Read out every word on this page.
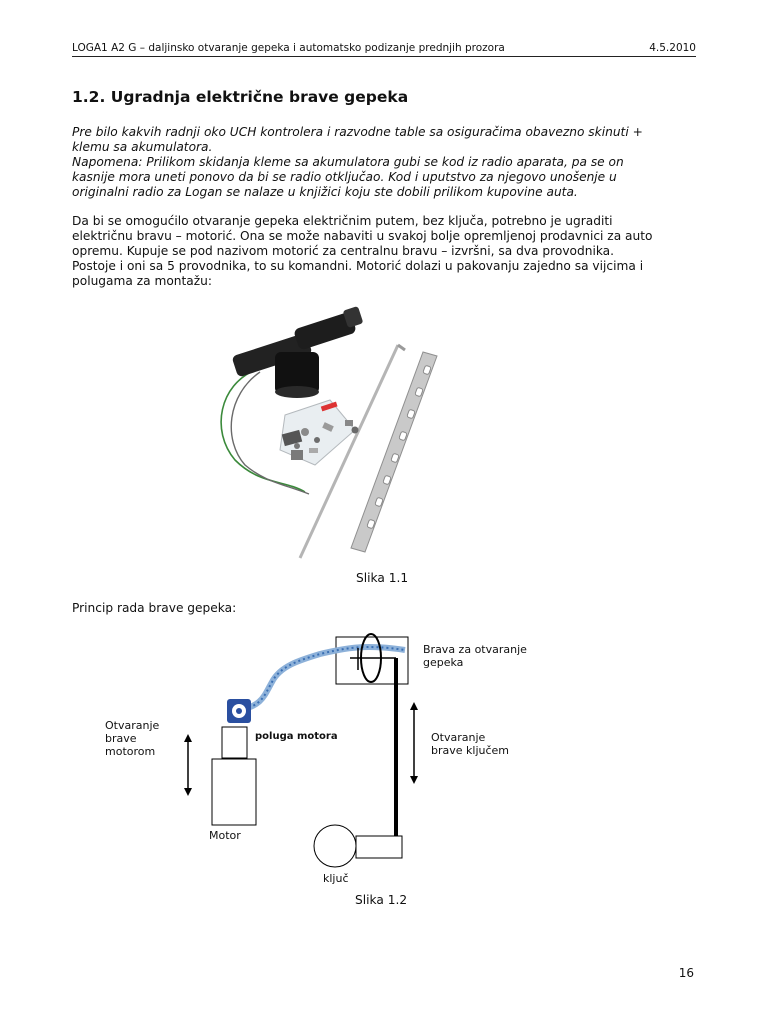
LOGA1 A2 G – daljinsko otvaranje gepeka i automatsko podizanje prednjih prozora	4.5.2010
1.2. Ugradnja električne brave gepeka

Pre bilo kakvih radnji oko UCH kontrolera i razvodne table sa osiguračima obavezno skinuti +

klemu sa akumulatora.

Napomena: Prilikom skidanja kleme sa akumulatora gubi se kod iz radio aparata, pa se on

kasnije mora uneti ponovo da bi se radio otključao. Kod i uputstvo za njegovo unošenje u

originalni radio za Logan se nalaze u knjižici koju ste dobili prilikom kupovine auta.

Da bi se omogućilo otvaranje gepeka električnim putem, bez ključa, potrebno je ugraditi

električnu bravu – motorić. Ona se može nabaviti u svakoj bolje opremljenoj prodavnici za auto

opremu. Kupuje se pod nazivom motorić za centralnu bravu – izvršni, sa dva provodnika.

Postoje i oni sa 5 provodnika, to su komandni. Motorić dolazi u pakovanju zajedno sa vijcima i

polugama za montažu:

Slika 1.1

Princip rada brave gepeka:

Brava za otvaranje
gepeka
Otvaranje
brave
motorom
poluga motora	Otvaranje
brave ključem
Motor
ključ
Slika 1.2
16
